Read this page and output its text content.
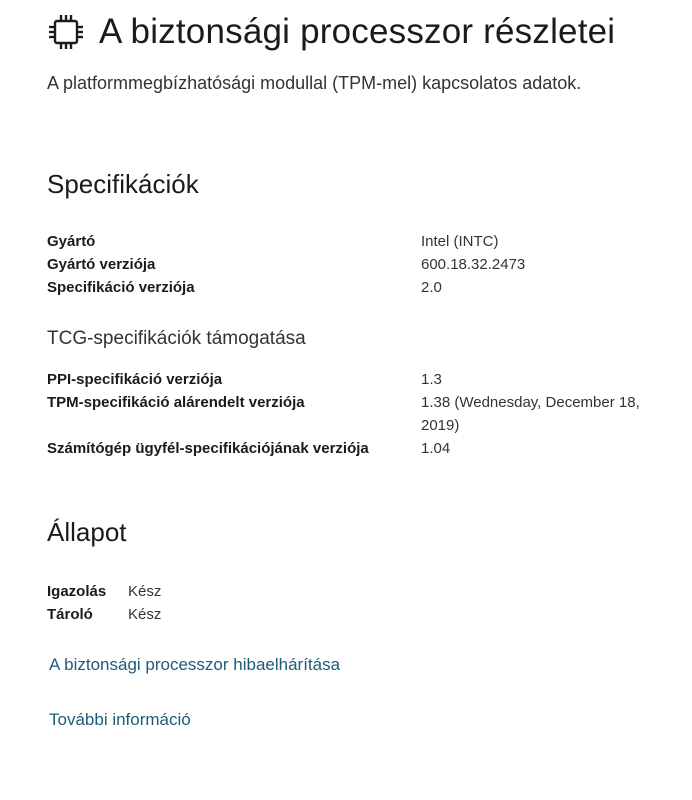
A biztonsági processzor részletei
A platformmegbízhatósági modullal (TPM-mel) kapcsolatos adatok.
Specifikációk
Gyártó	Intel (INTC)
Gyártó verziója	600.18.32.2473
Specifikáció verziója	2.0
TCG-specifikációk támogatása
PPI-specifikáció verziója	1.3
TPM-specifikáció alárendelt verziója	1.38 (Wednesday, December 18, 2019)
Számítógép ügyfél-specifikációjának verziója	1.04
Állapot
Igazolás	Kész
Tároló	Kész
A biztonsági processzor hibaelhárítása
További információ
